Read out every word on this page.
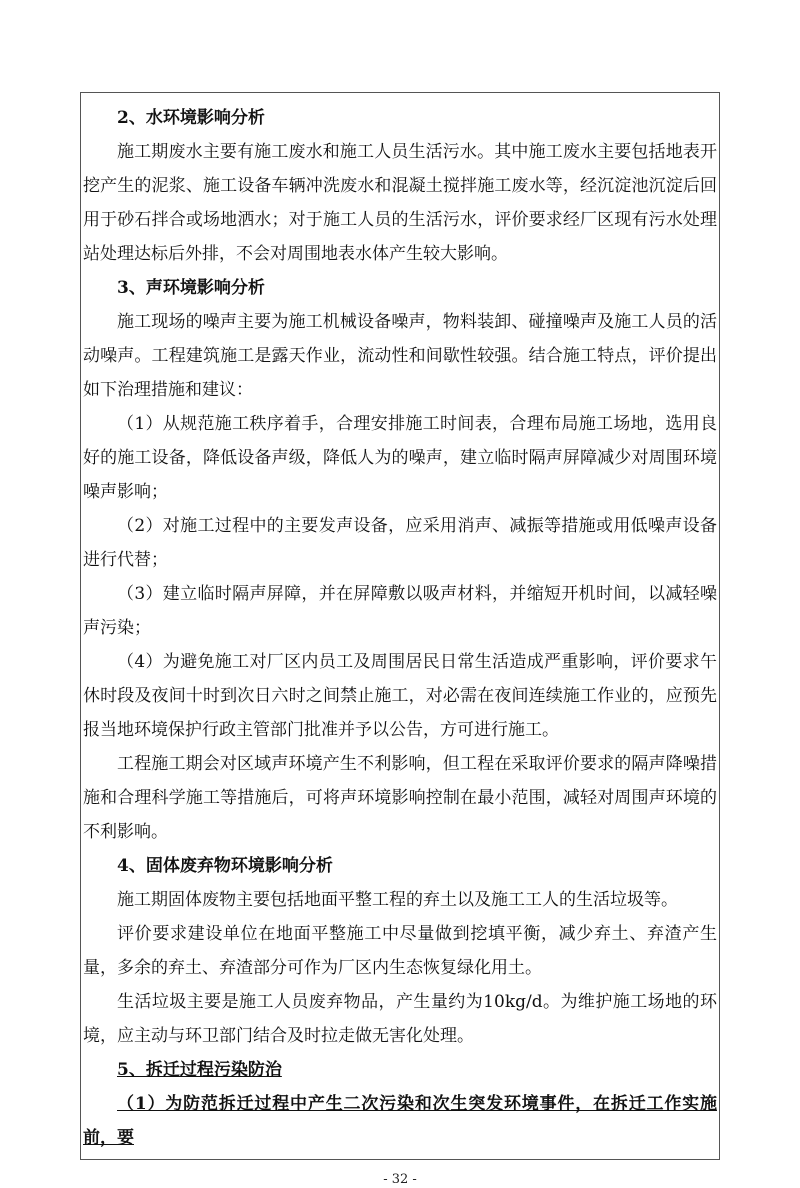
2、水环境影响分析

施工期废水主要有施工废水和施工人员生活污水。其中施工废水主要包括地表开挖产生的泥浆、施工设备车辆冲洗废水和混凝土搅拌施工废水等，经沉淀池沉淀后回用于砂石拌合或场地洒水；对于施工人员的生活污水，评价要求经厂区现有污水处理站处理达标后外排，不会对周围地表水体产生较大影响。

3、声环境影响分析

施工现场的噪声主要为施工机械设备噪声，物料装卸、碰撞噪声及施工人员的活动噪声。工程建筑施工是露天作业，流动性和间歇性较强。结合施工特点，评价提出如下治理措施和建议：

（1）从规范施工秩序着手，合理安排施工时间表，合理布局施工场地，选用良好的施工设备，降低设备声级，降低人为的噪声，建立临时隔声屏障减少对周围环境噪声影响；

（2）对施工过程中的主要发声设备，应采用消声、减振等措施或用低噪声设备进行代替；

（3）建立临时隔声屏障，并在屏障敷以吸声材料，并缩短开机时间，以减轻噪声污染；

（4）为避免施工对厂区内员工及周围居民日常生活造成严重影响，评价要求午休时段及夜间十时到次日六时之间禁止施工，对必需在夜间连续施工作业的，应预先报当地环境保护行政主管部门批准并予以公告，方可进行施工。

工程施工期会对区域声环境产生不利影响，但工程在采取评价要求的隔声降噪措施和合理科学施工等措施后，可将声环境影响控制在最小范围，减轻对周围声环境的不利影响。

4、固体废弃物环境影响分析

施工期固体废物主要包括地面平整工程的弃土以及施工工人的生活垃圾等。

评价要求建设单位在地面平整施工中尽量做到挖填平衡，减少弃土、弃渣产生量，多余的弃土、弃渣部分可作为厂区内生态恢复绿化用土。

生活垃圾主要是施工人员废弃物品，产生量约为10kg/d。为维护施工场地的环境，应主动与环卫部门结合及时拉走做无害化处理。

5、拆迁过程污染防治

（1）为防范拆迁过程中产生二次污染和次生突发环境事件，在拆迁工作实施前，要

- 32 -
